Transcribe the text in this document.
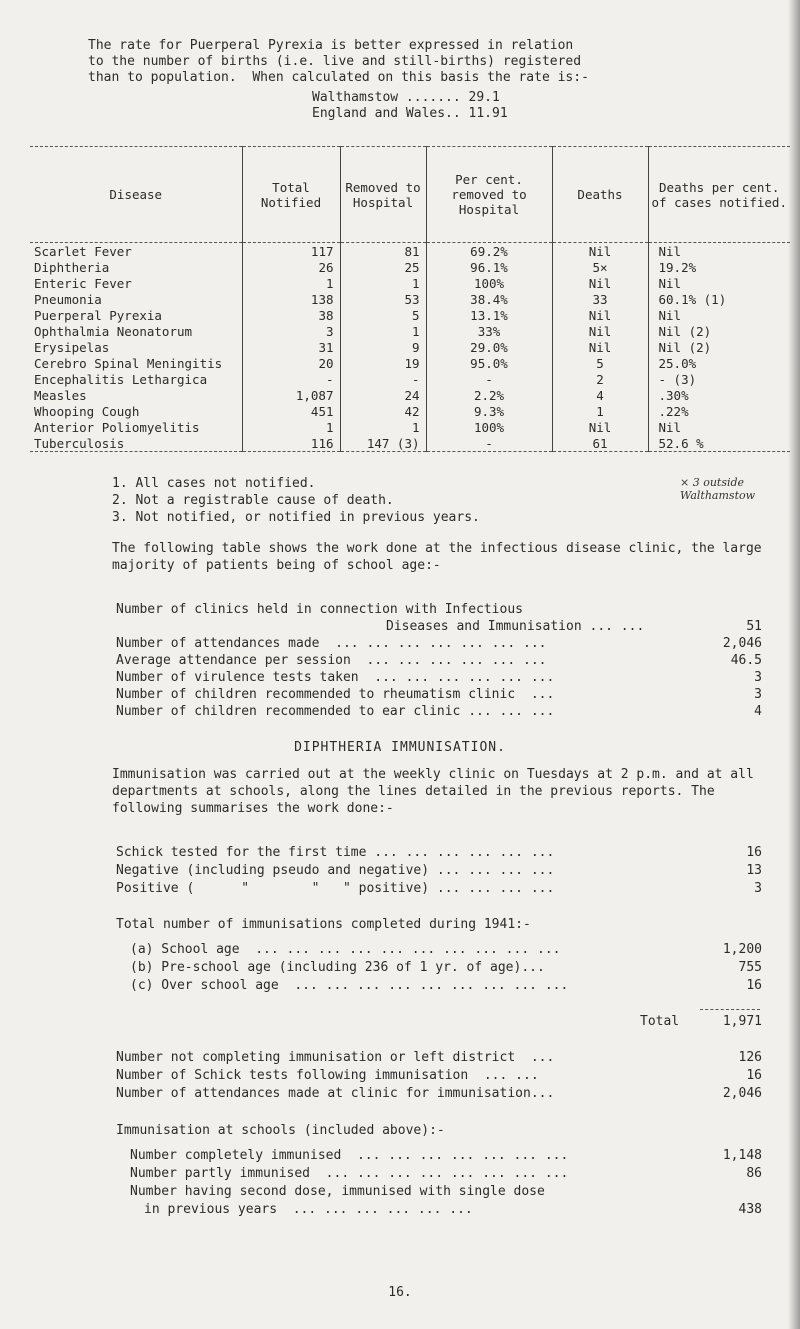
The rate for Puerperal Pyrexia is better expressed in relation
to the number of births (i.e. live and still-births) registered
than to population.  When calculated on this basis the rate is:-
Walthamstow ....... 29.1
England and Wales.. 11.91
Disease	Total Notified	Removed to Hospital	Per cent. removed to Hospital	Deaths	Deaths per cent. of cases notified.
Scarlet Fever	117	81	69.2%	Nil	Nil
Diphtheria	26	25	96.1%	5×	19.2%
Enteric Fever	1	1	100%	Nil	Nil
Pneumonia	138	53	38.4%	33	60.1% (1)
Puerperal Pyrexia	38	5	13.1%	Nil	Nil
Ophthalmia Neonatorum	3	1	33%	Nil	Nil (2)
Erysipelas	31	9	29.0%	Nil	Nil (2)
Cerebro Spinal Meningitis	20	19	95.0%	5	25.0%
Encephalitis Lethargica	-	-	-	2	- (3)
Measles	1,087	24	2.2%	4	.30%
Whooping Cough	451	42	9.3%	1	.22%
Anterior Poliomyelitis	1	1	100%	Nil	Nil
Tuberculosis	116	147 (3)	-	61	52.6 %
1. All cases not notified.
2. Not a registrable cause of death.
3. Not notified, or notified in previous years.
× 3 outside Walthamstow
The following table shows the work done at the infectious disease clinic, the large majority of patients being of school age:-
Number of clinics held in connection with Infectious
Diseases and Immunisation ... ...	51
Number of attendances made  ... ... ... ... ... ... ...	2,046
Average attendance per session  ... ... ... ... ... ...	46.5
Number of virulence tests taken  ... ... ... ... ... ...	3
Number of children recommended to rheumatism clinic  ...	3
Number of children recommended to ear clinic ... ... ...	4
DIPHTHERIA IMMUNISATION.
Immunisation was carried out at the weekly clinic on Tuesdays at 2 p.m. and at all departments at schools, along the lines detailed in the previous reports. The following summarises the work done:-
Schick tested for the first time ... ... ... ... ... ...	16
Negative (including pseudo and negative) ... ... ... ...	13
Positive (      "        "   " positive) ... ... ... ...	3
Total number of immunisations completed during 1941:-
(a) School age  ... ... ... ... ... ... ... ... ... ...	1,200
(b) Pre-school age (including 236 of 1 yr. of age)...	755
(c) Over school age  ... ... ... ... ... ... ... ... ...	16
Total	1,971
Number not completing immunisation or left district  ...	126
Number of Schick tests following immunisation  ... ...	16
Number of attendances made at clinic for immunisation...	2,046
Immunisation at schools (included above):-
Number completely immunised  ... ... ... ... ... ... ...	1,148
Number partly immunised  ... ... ... ... ... ... ... ...	86
Number having second dose, immunised with single dose
in previous years  ... ... ... ... ... ...	438
16.
